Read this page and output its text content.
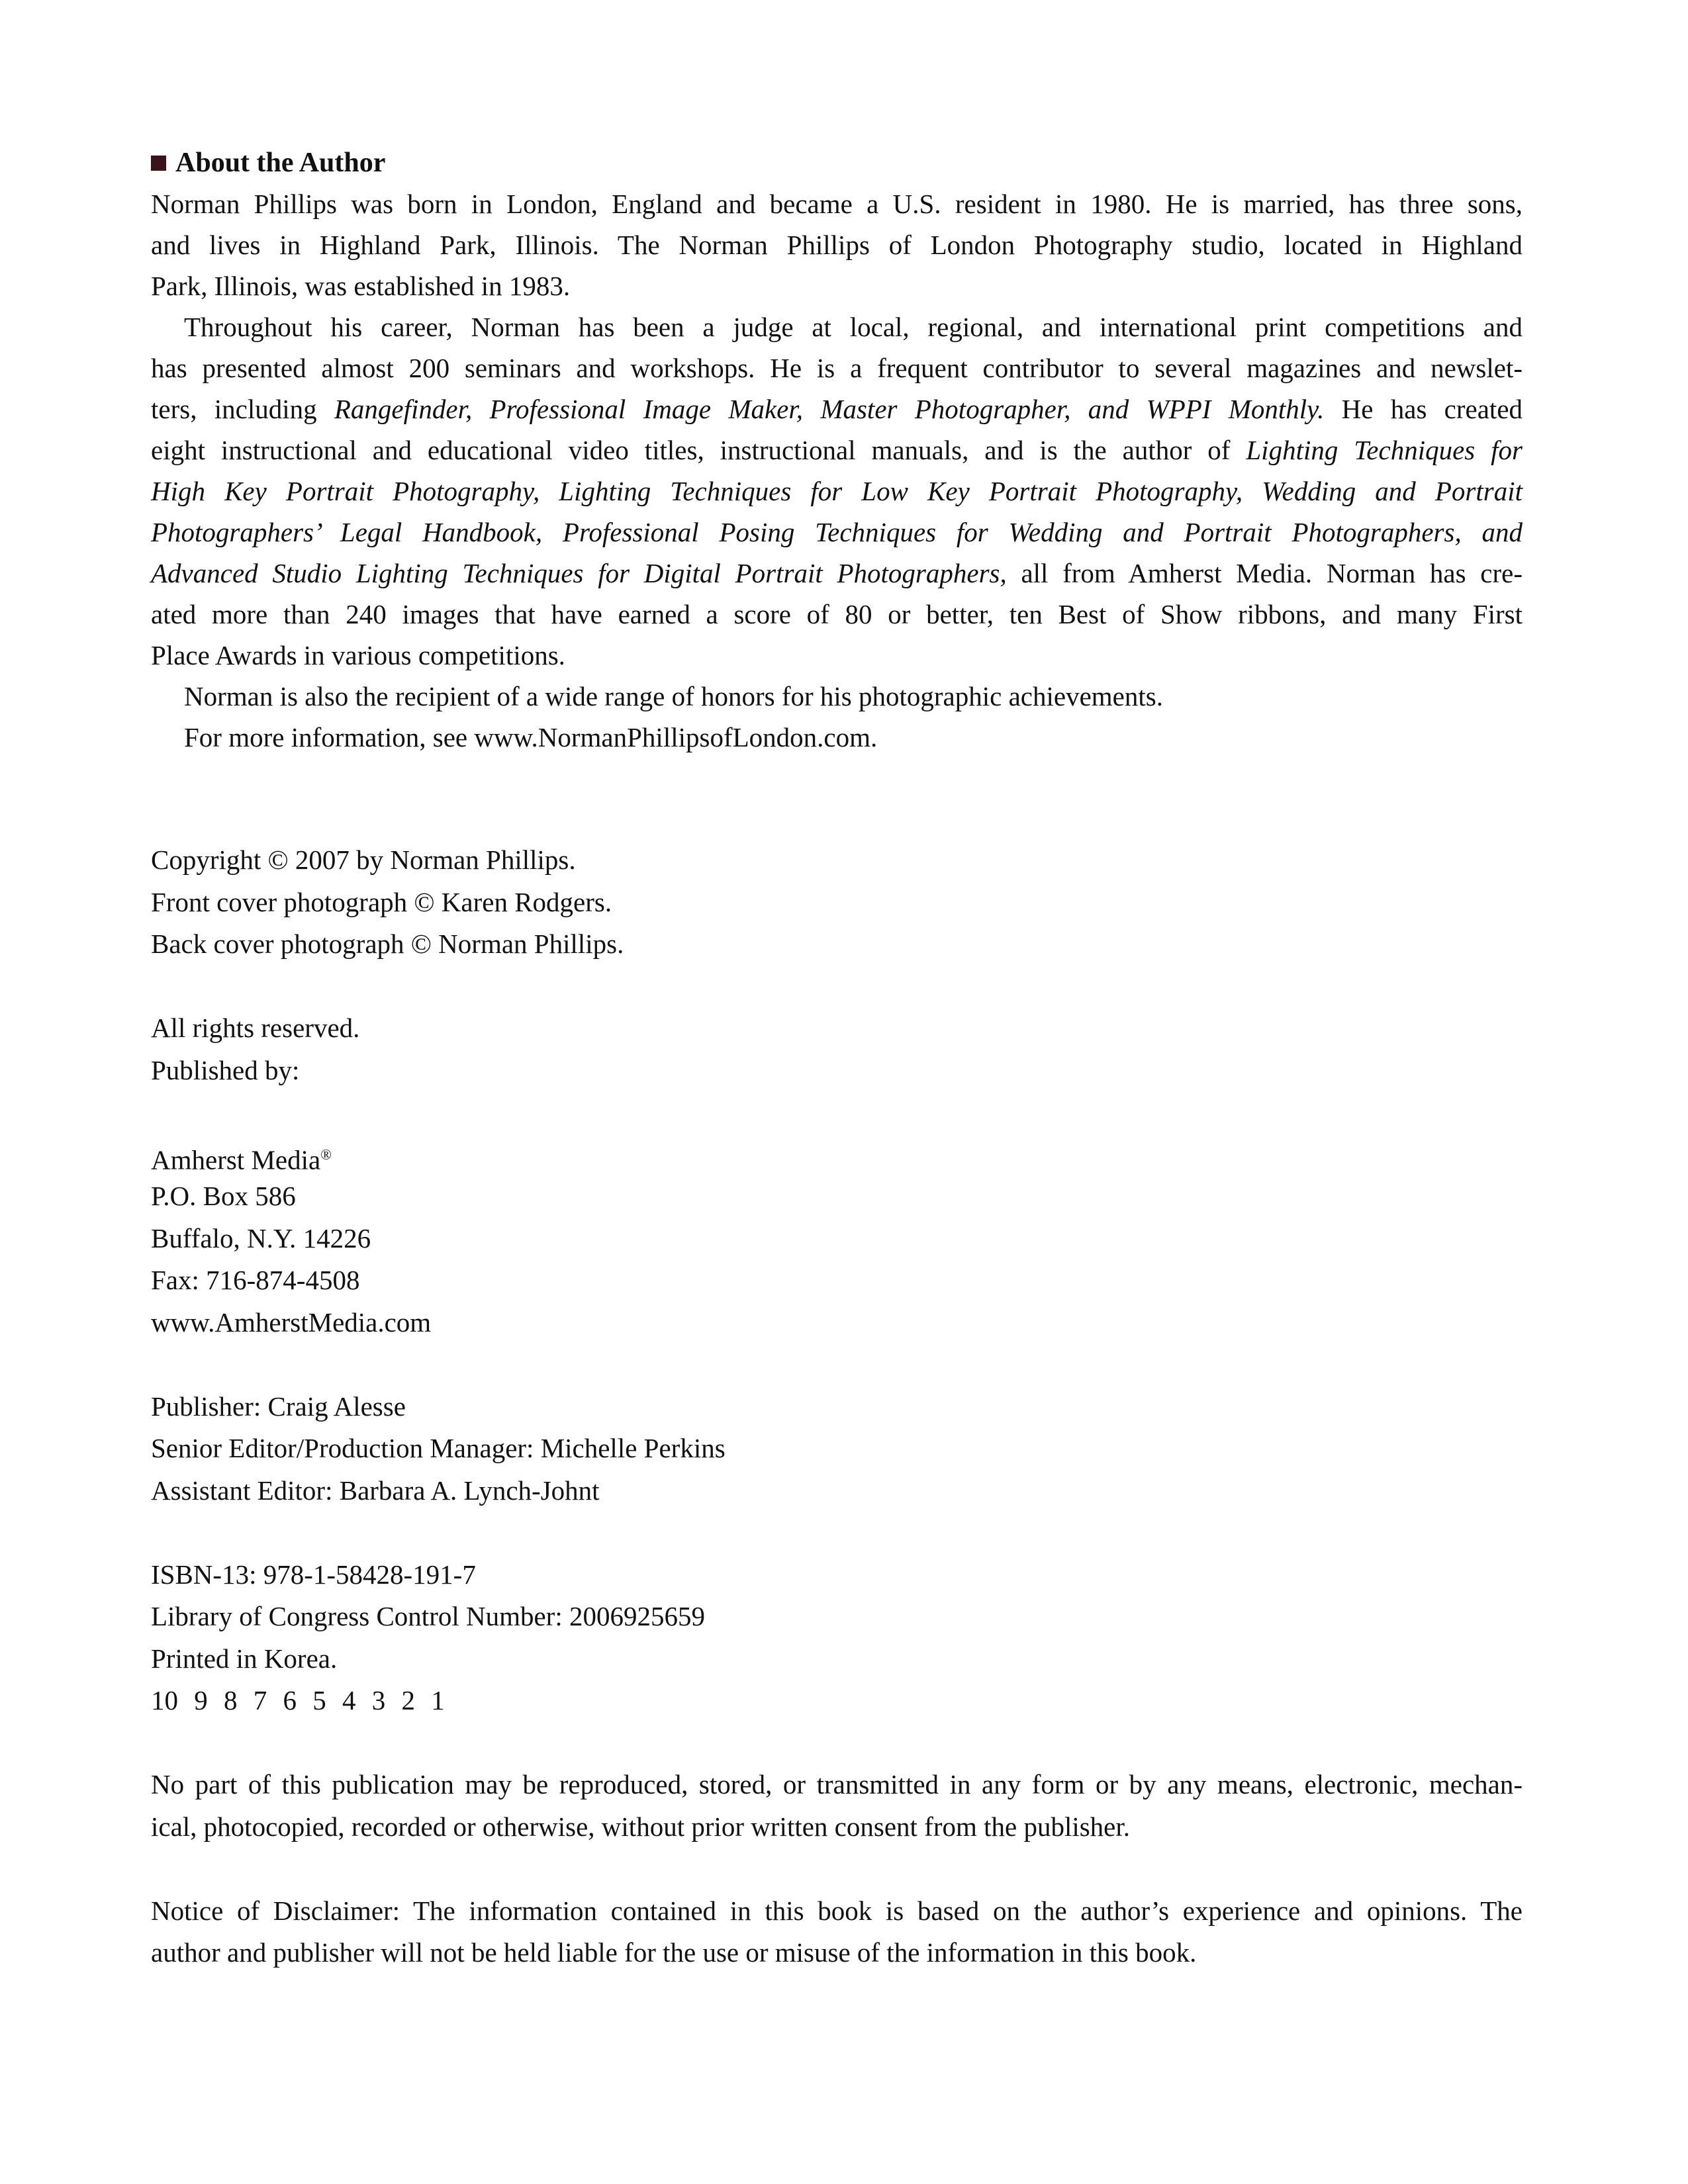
About the Author
Norman Phillips was born in London, England and became a U.S. resident in 1980. He is married, has three sons,
and lives in Highland Park, Illinois. The Norman Phillips of London Photography studio, located in Highland
Park, Illinois, was established in 1983.
Throughout his career, Norman has been a judge at local, regional, and international print competitions and
has presented almost 200 seminars and workshops. He is a frequent contributor to several magazines and newslet-
ters, including Rangefinder, Professional Image Maker, Master Photographer, and WPPI Monthly. He has created
eight instructional and educational video titles, instructional manuals, and is the author of Lighting Techniques for
High Key Portrait Photography, Lighting Techniques for Low Key Portrait Photography, Wedding and Portrait
Photographers’ Legal Handbook, Professional Posing Techniques for Wedding and Portrait Photographers, and
Advanced Studio Lighting Techniques for Digital Portrait Photographers, all from Amherst Media. Norman has cre-
ated more than 240 images that have earned a score of 80 or better, ten Best of Show ribbons, and many First
Place Awards in various competitions.
Norman is also the recipient of a wide range of honors for his photographic achievements.
For more information, see www.NormanPhillipsofLondon.com.
Copyright © 2007 by Norman Phillips.
Front cover photograph © Karen Rodgers.
Back cover photograph © Norman Phillips.
All rights reserved.
Published by:
Amherst Media®
P.O. Box 586
Buffalo, N.Y. 14226
Fax: 716-874-4508
www.AmherstMedia.com
Publisher: Craig Alesse
Senior Editor/Production Manager: Michelle Perkins
Assistant Editor: Barbara A. Lynch-Johnt
ISBN-13: 978-1-58428-191-7
Library of Congress Control Number: 2006925659
Printed in Korea.
10 9 8 7 6 5 4 3 2 1
No part of this publication may be reproduced, stored, or transmitted in any form or by any means, electronic, mechan-
ical, photocopied, recorded or otherwise, without prior written consent from the publisher.
Notice of Disclaimer: The information contained in this book is based on the author’s experience and opinions. The
author and publisher will not be held liable for the use or misuse of the information in this book.
